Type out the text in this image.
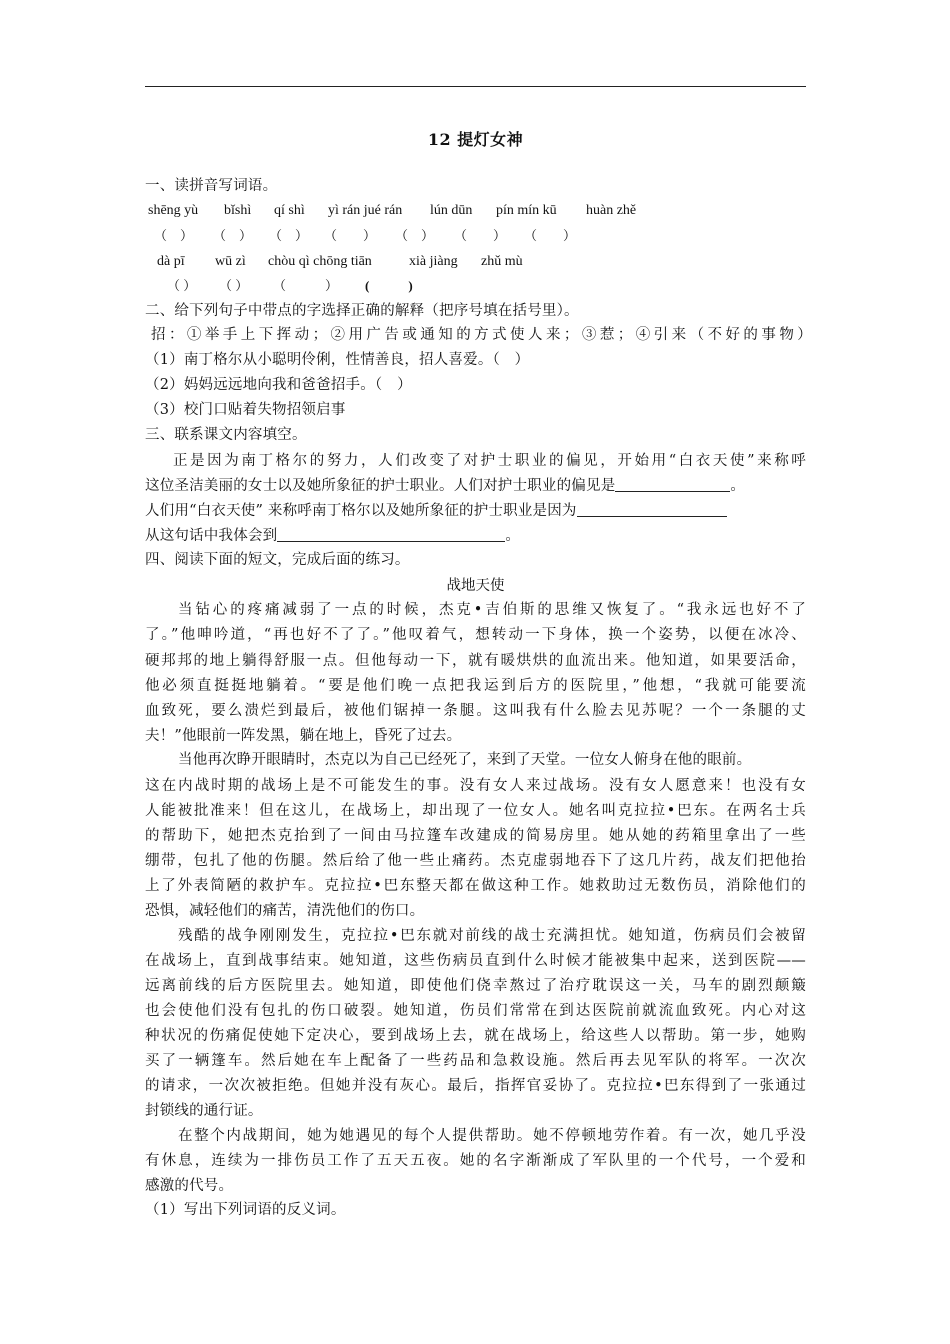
12 提灯女神
一、读拼音写词语。
shēng yù bǐshì qí shì yì rán jué rán lún dūn pín mín kū huàn zhě
（　） （　） （　） （　　） （　） （　　） （　　）
dà pī wū zì chòu qì chōng tiān	xià jiàng zhǔ mù
（ ） （ ） （　　　） (　　　)
二、给下列句子中带点的字选择正确的解释（把序号填在括号里）。
招：①举手上下挥动；②用广告或通知的方式使人来；③惹；④引来（不好的事物）
（1）南丁格尔从小聪明伶俐，性情善良，招人喜爱。（　）
（2）妈妈远远地向我和爸爸招手。（　）
（3）校门口贴着失物招领启事
三、联系课文内容填空。
正是因为南丁格尔的努力，人们改变了对护士职业的偏见，开始用“白衣天使”来称呼
这位圣洁美丽的女士以及她所象征的护士职业。人们对护士职业的偏见是	。
人们用“白衣天使” 来称呼南丁格尔以及她所象征的护士职业是因为
从这句话中我体会到	。
四、阅读下面的短文，完成后面的练习。
战地天使
当钻心的疼痛减弱了一点的时候，杰克•吉伯斯的思维又恢复了。“我永远也好不了
了。”他呻吟道，“再也好不了了。”他叹着气，想转动一下身体，换一个姿势，以便在冰冷、
硬邦邦的地上躺得舒服一点。但他每动一下，就有暖烘烘的血流出来。他知道，如果要活命，
他必须直挺挺地躺着。“要是他们晚一点把我运到后方的医院里，”他想，“我就可能要流
血致死，要么溃烂到最后，被他们锯掉一条腿。这叫我有什么脸去见苏呢？一个一条腿的丈
夫！”他眼前一阵发黑，躺在地上，昏死了过去。
当他再次睁开眼睛时，杰克以为自己已经死了，来到了天堂。一位女人俯身在他的眼前。
这在内战时期的战场上是不可能发生的事。没有女人来过战场。没有女人愿意来！也没有女
人能被批准来！但在这儿，在战场上，却出现了一位女人。她名叫克拉拉•巴东。在两名士兵
的帮助下，她把杰克抬到了一间由马拉篷车改建成的简易房里。她从她的药箱里拿出了一些
绷带，包扎了他的伤腿。然后给了他一些止痛药。杰克虚弱地吞下了这几片药，战友们把他抬
上了外表简陋的救护车。克拉拉•巴东整天都在做这种工作。她救助过无数伤员，消除他们的
恐惧，减轻他们的痛苦，清洗他们的伤口。
残酷的战争刚刚发生，克拉拉•巴东就对前线的战士充满担忧。她知道，伤病员们会被留
在战场上，直到战事结束。她知道，这些伤病员直到什么时候才能被集中起来，送到医院——
远离前线的后方医院里去。她知道，即使他们侥幸熬过了治疗耽误这一关，马车的剧烈颠簸
也会使他们没有包扎的伤口破裂。她知道，伤员们常常在到达医院前就流血致死。内心对这
种状况的伤痛促使她下定决心，要到战场上去，就在战场上，给这些人以帮助。第一步，她购
买了一辆篷车。然后她在车上配备了一些药品和急救设施。然后再去见军队的将军。一次次
的请求，一次次被拒绝。但她并没有灰心。最后，指挥官妥协了。克拉拉•巴东得到了一张通过
封锁线的通行证。
在整个内战期间，她为她遇见的每个人提供帮助。她不停顿地劳作着。有一次，她几乎没
有休息，连续为一排伤员工作了五天五夜。她的名字渐渐成了军队里的一个代号，一个爱和
感激的代号。
（1）写出下列词语的反义词。
